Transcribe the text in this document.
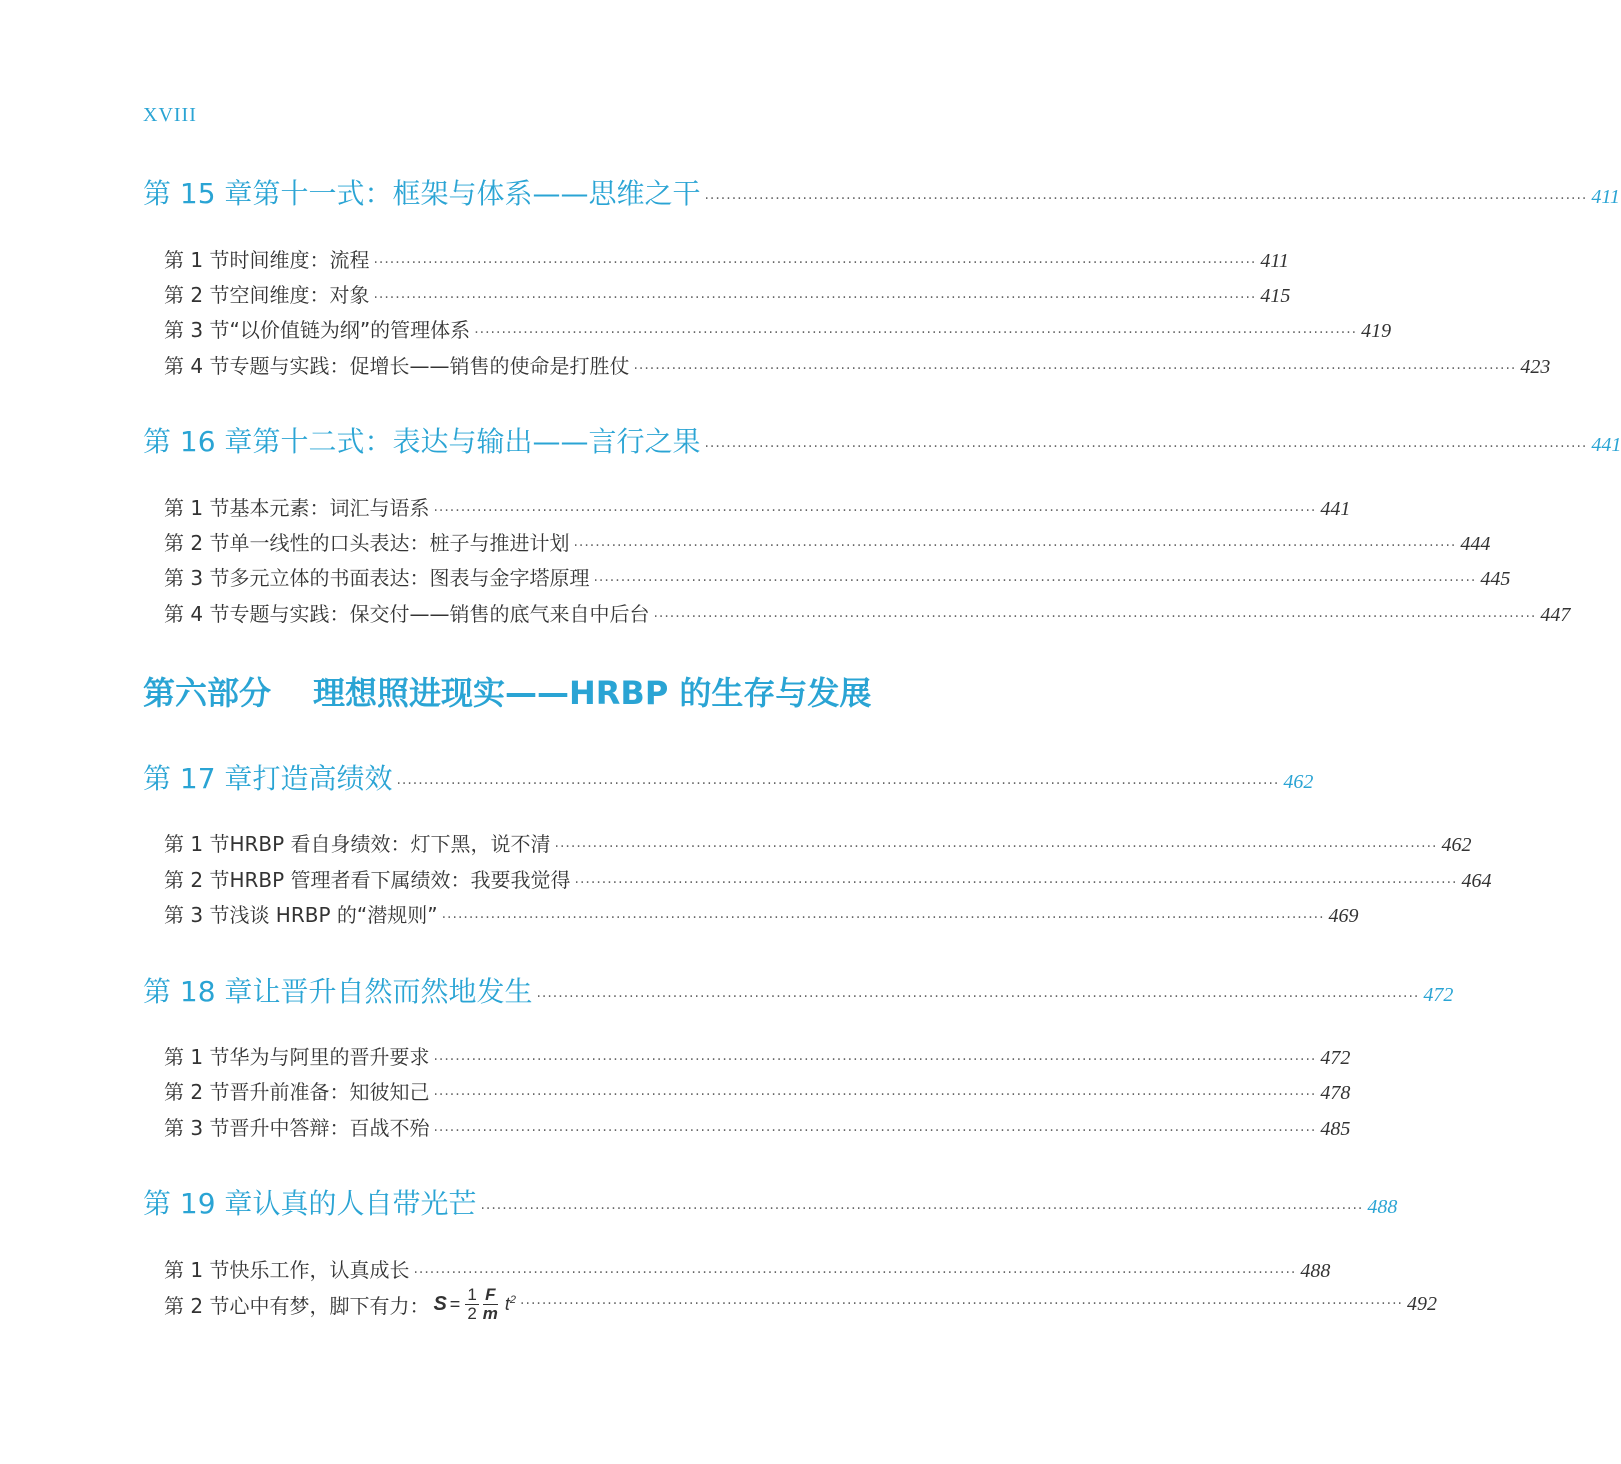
XVIII
第 15 章 第十一式：框架与体系——思维之干 ·································································································································································· 411
第 1 节 时间维度：流程 ·································································································································································· 411
第 2 节 空间维度：对象 ·································································································································································· 415
第 3 节 “以价值链为纲”的管理体系 ·································································································································································· 419
第 4 节 专题与实践：促增长——销售的使命是打胜仗 ·································································································································································· 423
第 16 章 第十二式：表达与输出——言行之果 ·································································································································································· 441
第 1 节 基本元素：词汇与语系 ·································································································································································· 441
第 2 节 单一线性的口头表达：桩子与推进计划 ·································································································································································· 444
第 3 节 多元立体的书面表达：图表与金字塔原理 ·································································································································································· 445
第 4 节 专题与实践：保交付——销售的底气来自中后台 ·································································································································································· 447
第六部分 理想照进现实——HRBP 的生存与发展
第 17 章 打造高绩效 ·································································································································································· 462
第 1 节 HRBP 看自身绩效：灯下黑，说不清 ·································································································································································· 462
第 2 节 HRBP 管理者看下属绩效：我要我觉得 ·································································································································································· 464
第 3 节 浅谈 HRBP 的“潜规则” ·································································································································································· 469
第 18 章 让晋升自然而然地发生 ·································································································································································· 472
第 1 节 华为与阿里的晋升要求 ·································································································································································· 472
第 2 节 晋升前准备：知彼知己 ·································································································································································· 478
第 3 节 晋升中答辩：百战不殆 ·································································································································································· 485
第 19 章 认真的人自带光芒 ·································································································································································· 488
第 1 节 快乐工作，认真成长 ·································································································································································· 488
第 2 节 心中有梦，脚下有力： $S = \frac{1}{2} \frac{F}{m} t^2$ ·································································································································································· 492
